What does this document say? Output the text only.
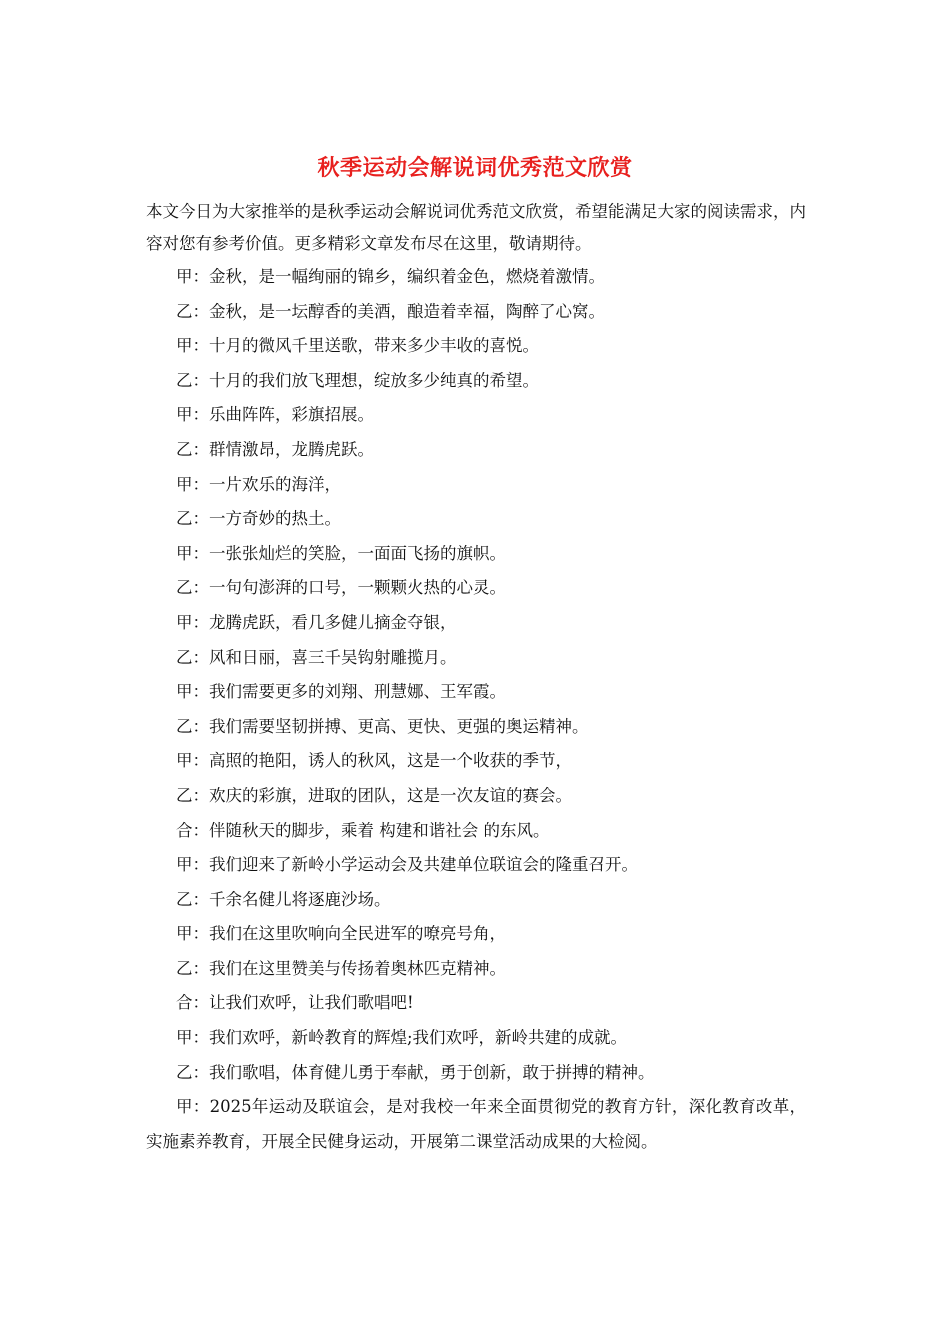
秋季运动会解说词优秀范文欣赏

本文今日为大家推举的是秋季运动会解说词优秀范文欣赏，希望能满足大家的阅读需求，内容对您有参考价值。更多精彩文章发布尽在这里，敬请期待。

甲：金秋，是一幅绚丽的锦乡，编织着金色，燃烧着激情。

乙：金秋，是一坛醇香的美酒，酿造着幸福，陶醉了心窝。

甲：十月的微风千里送歌，带来多少丰收的喜悦。

乙：十月的我们放飞理想，绽放多少纯真的希望。

甲：乐曲阵阵，彩旗招展。

乙：群情激昂，龙腾虎跃。

甲：一片欢乐的海洋，

乙：一方奇妙的热土。

甲：一张张灿烂的笑脸，一面面飞扬的旗帜。

乙：一句句澎湃的口号，一颗颗火热的心灵。

甲：龙腾虎跃，看几多健儿摘金夺银，

乙：风和日丽，喜三千吴钩射雕揽月。

甲：我们需要更多的刘翔、刑慧娜、王军霞。

乙：我们需要坚韧拼搏、更高、更快、更强的奥运精神。

甲：高照的艳阳，诱人的秋风，这是一个收获的季节，

乙：欢庆的彩旗，进取的团队，这是一次友谊的赛会。

合：伴随秋天的脚步，乘着 构建和谐社会 的东风。

甲：我们迎来了新岭小学运动会及共建单位联谊会的隆重召开。

乙：千余名健儿将逐鹿沙场。

甲：我们在这里吹响向全民进军的嘹亮号角，

乙：我们在这里赞美与传扬着奥林匹克精神。

合：让我们欢呼，让我们歌唱吧!

甲：我们欢呼，新岭教育的辉煌;我们欢呼，新岭共建的成就。

乙：我们歌唱，体育健儿勇于奉献，勇于创新，敢于拼搏的精神。

甲：2025年运动及联谊会，是对我校一年来全面贯彻党的教育方针，深化教育改革，实施素养教育，开展全民健身运动，开展第二课堂活动成果的大检阅。
